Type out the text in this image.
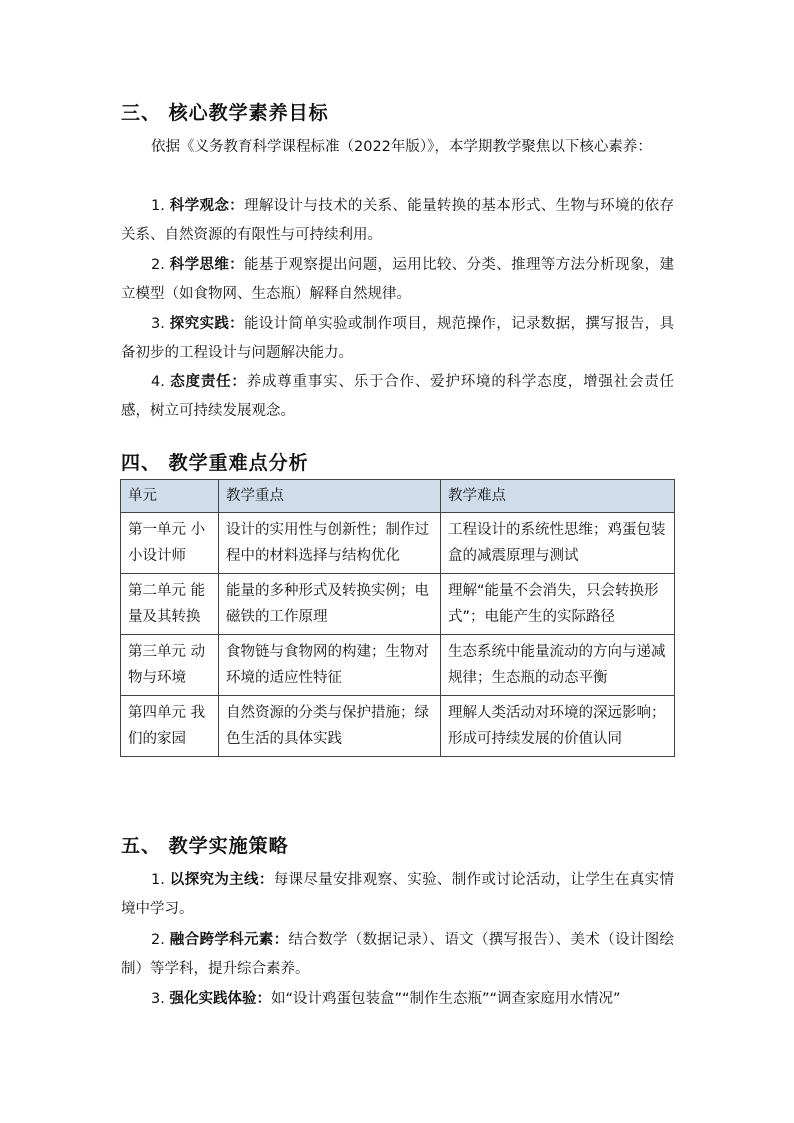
三、 核心教学素养目标
依据《义务教育科学课程标准（2022年版）》，本学期教学聚焦以下核心素养：
1. 科学观念：理解设计与技术的关系、能量转换的基本形式、生物与环境的依存关系、自然资源的有限性与可持续利用。
2. 科学思维：能基于观察提出问题，运用比较、分类、推理等方法分析现象，建立模型（如食物网、生态瓶）解释自然规律。
3. 探究实践：能设计简单实验或制作项目，规范操作，记录数据，撰写报告，具备初步的工程设计与问题解决能力。
4. 态度责任：养成尊重事实、乐于合作、爱护环境的科学态度，增强社会责任感，树立可持续发展观念。
四、 教学重难点分析
单元	教学重点	教学难点
第一单元 小小设计师	设计的实用性与创新性；制作过程中的材料选择与结构优化	工程设计的系统性思维；鸡蛋包装盒的减震原理与测试
第二单元 能量及其转换	能量的多种形式及转换实例；电磁铁的工作原理	理解“能量不会消失，只会转换形式”；电能产生的实际路径
第三单元 动物与环境	食物链与食物网的构建；生物对环境的适应性特征	生态系统中能量流动的方向与递减规律；生态瓶的动态平衡
第四单元 我们的家园	自然资源的分类与保护措施；绿色生活的具体实践	理解人类活动对环境的深远影响；形成可持续发展的价值认同
五、 教学实施策略
1. 以探究为主线：每课尽量安排观察、实验、制作或讨论活动，让学生在真实情境中学习。
2. 融合跨学科元素：结合数学（数据记录）、语文（撰写报告）、美术（设计图绘制）等学科，提升综合素养。
3. 强化实践体验：如“设计鸡蛋包装盒”“制作生态瓶”“调查家庭用水情况”
